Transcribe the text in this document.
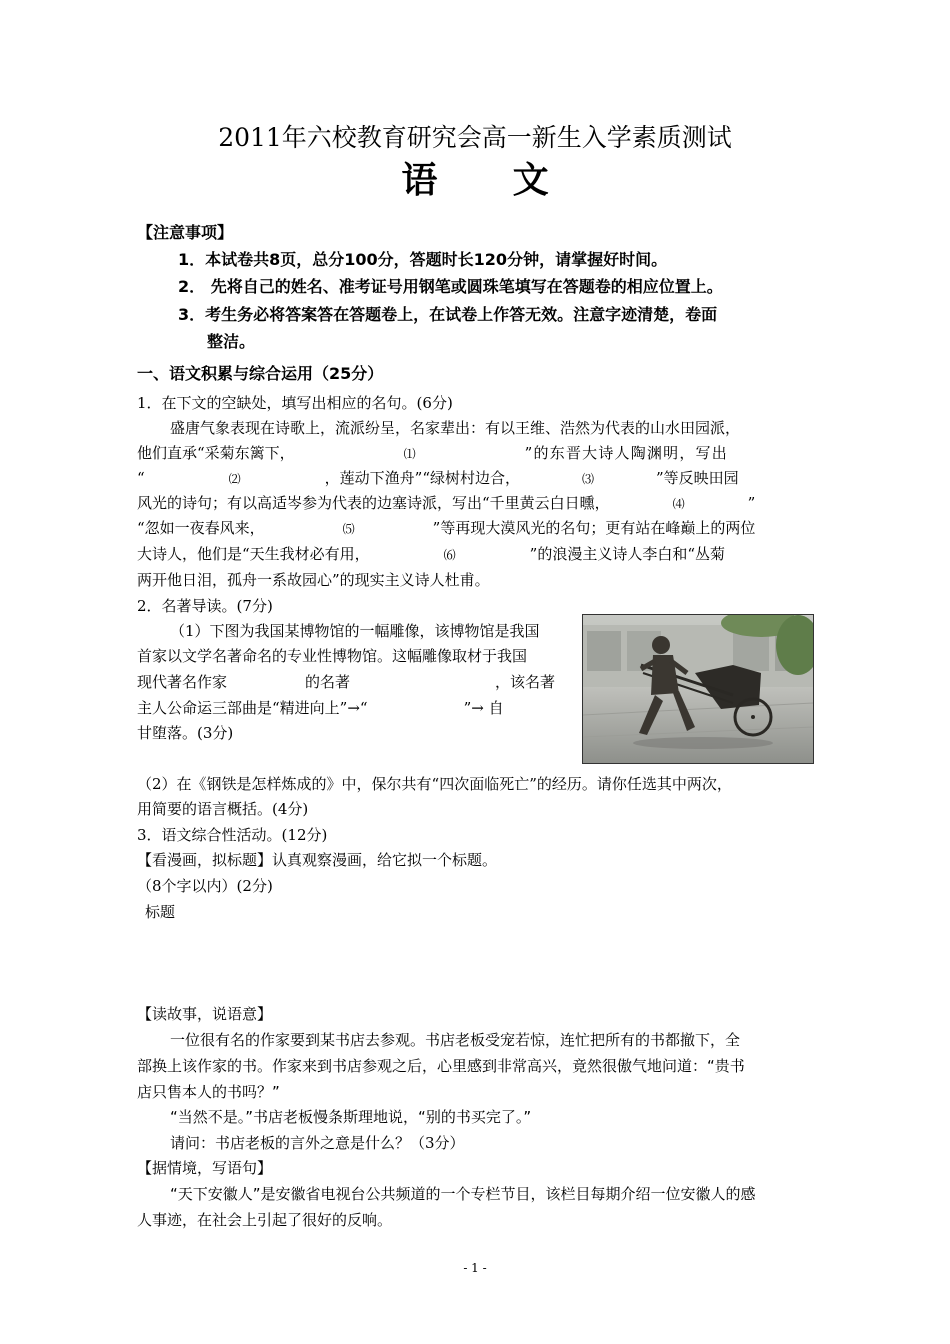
2011年六校教育研究会高一新生入学素质测试
语      文
【注意事项】
1．本试卷共8页，总分100分，答题时长120分钟，请掌握好时间。
2． 先将自己的姓名、准考证号用钢笔或圆珠笔填写在答题卷的相应位置上。
3．考生务必将答案答在答题卷上，在试卷上作答无效。注意字迹清楚，卷面
整洁。
一、语文积累与综合运用（25分）
1．在下文的空缺处，填写出相应的名句。(6分)
盛唐气象表现在诗歌上，流派纷呈，名家辈出：有以王维、浩然为代表的山水田园派，
他们直承“采菊东篱下，	⑴	”的东晋大诗人陶渊明，写出
“	⑵	，莲动下渔舟”“绿树村边合，	⑶	”等反映田园
风光的诗句；有以高适岑参为代表的边塞诗派，写出“千里黄云白日曛，	⑷	”
“忽如一夜春风来，	⑸	”等再现大漠风光的名句；更有站在峰巅上的两位
大诗人，他们是“天生我材必有用，	⑹	”的浪漫主义诗人李白和“丛菊
两开他日泪，孤舟一系故园心”的现实主义诗人杜甫。
2．名著导读。(7分)
（1）下图为我国某博物馆的一幅雕像，该博物馆是我国
首家以文学名著命名的专业性博物馆。这幅雕像取材于我国
现代著名作家	的名著	，该名著
主人公命运三部曲是“精进向上”→“	”→ 自
甘堕落。(3分)
（2）在《钢铁是怎样炼成的》中，保尔共有“四次面临死亡”的经历。请你任选其中两次，
用简要的语言概括。(4分)
3．语文综合性活动。(12分)
【看漫画，拟标题】认真观察漫画，给它拟一个标题。
（8个字以内）(2分)
标题
【读故事，说语意】
一位很有名的作家要到某书店去参观。书店老板受宠若惊，连忙把所有的书都撤下，全
部换上该作家的书。作家来到书店参观之后，心里感到非常高兴，竟然很傲气地问道：“贵书
店只售本人的书吗？”
“当然不是。”书店老板慢条斯理地说，“别的书买完了。”
请问：书店老板的言外之意是什么？（3分）
【据情境，写语句】
“天下安徽人”是安徽省电视台公共频道的一个专栏节目，该栏目每期介绍一位安徽人的感
人事迹，在社会上引起了很好的反响。
- 1 -
